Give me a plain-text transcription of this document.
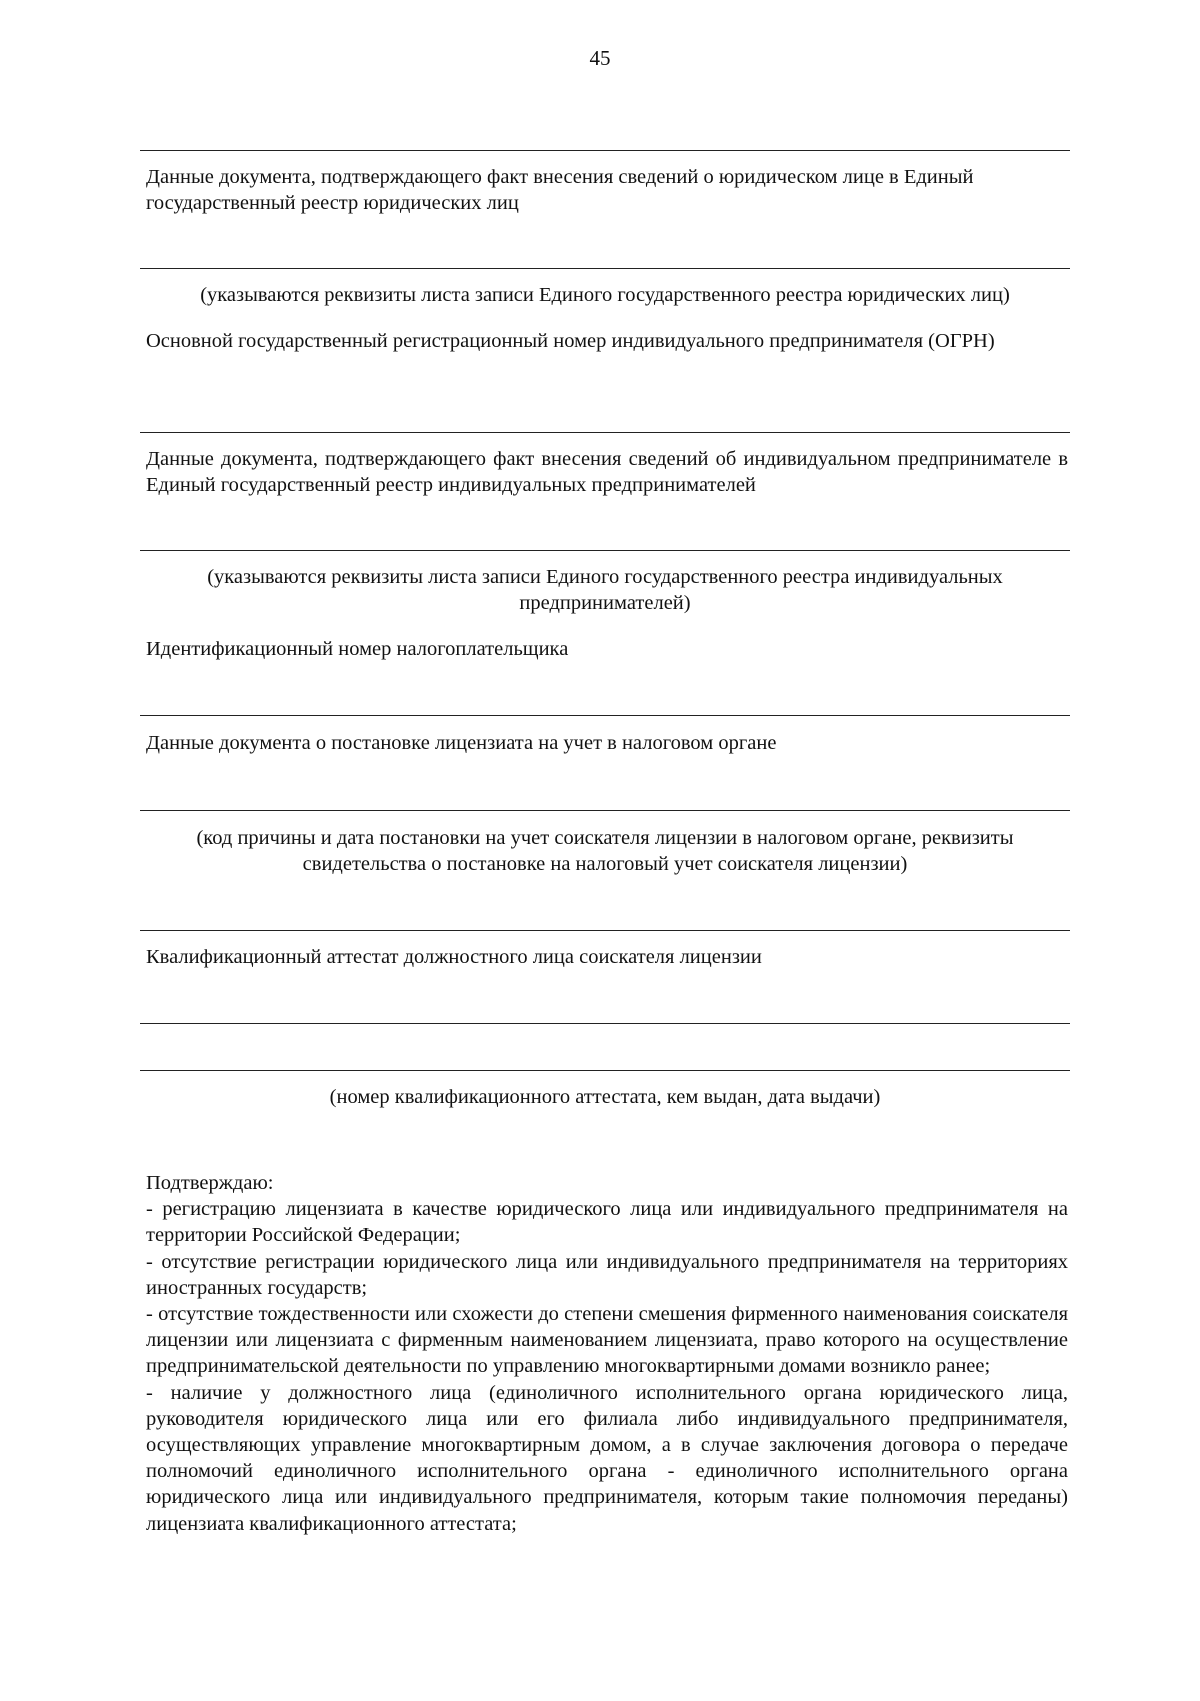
45

Данные документа, подтверждающего факт внесения сведений о юридическом лице в Единый государственный реестр юридических лиц

(указываются реквизиты листа записи Единого государственного реестра юридических лиц)

Основной государственный регистрационный номер индивидуального предпринимателя (ОГРН)

Данные документа, подтверждающего факт внесения сведений об индивидуальном предпринимателе в Единый государственный реестр индивидуальных предпринимателей

(указываются реквизиты листа записи Единого государственного реестра индивидуальных предпринимателей)

Идентификационный номер налогоплательщика

Данные документа о постановке лицензиата на учет в налоговом органе

(код причины и дата постановки на учет соискателя лицензии в налоговом органе, реквизиты свидетельства о постановке на налоговый учет соискателя лицензии)

Квалификационный аттестат должностного лица соискателя лицензии

(номер квалификационного аттестата, кем выдан, дата выдачи)

Подтверждаю:

- регистрацию лицензиата в качестве юридического лица или индивидуального предпринимателя на территории Российской Федерации;

- отсутствие регистрации юридического лица или индивидуального предпринимателя на территориях иностранных государств;

- отсутствие тождественности или схожести до степени смешения фирменного наименования соискателя лицензии или лицензиата с фирменным наименованием лицензиата, право которого на осуществление предпринимательской деятельности по управлению многоквартирными домами возникло ранее;

- наличие у должностного лица (единоличного исполнительного органа юридического лица, руководителя юридического лица или его филиала либо индивидуального предпринимателя, осуществляющих управление многоквартирным домом, а в случае заключения договора о передаче полномочий единоличного исполнительного органа - единоличного исполнительного органа юридического лица или индивидуального предпринимателя, которым такие полномочия переданы) лицензиата квалификационного аттестата;
